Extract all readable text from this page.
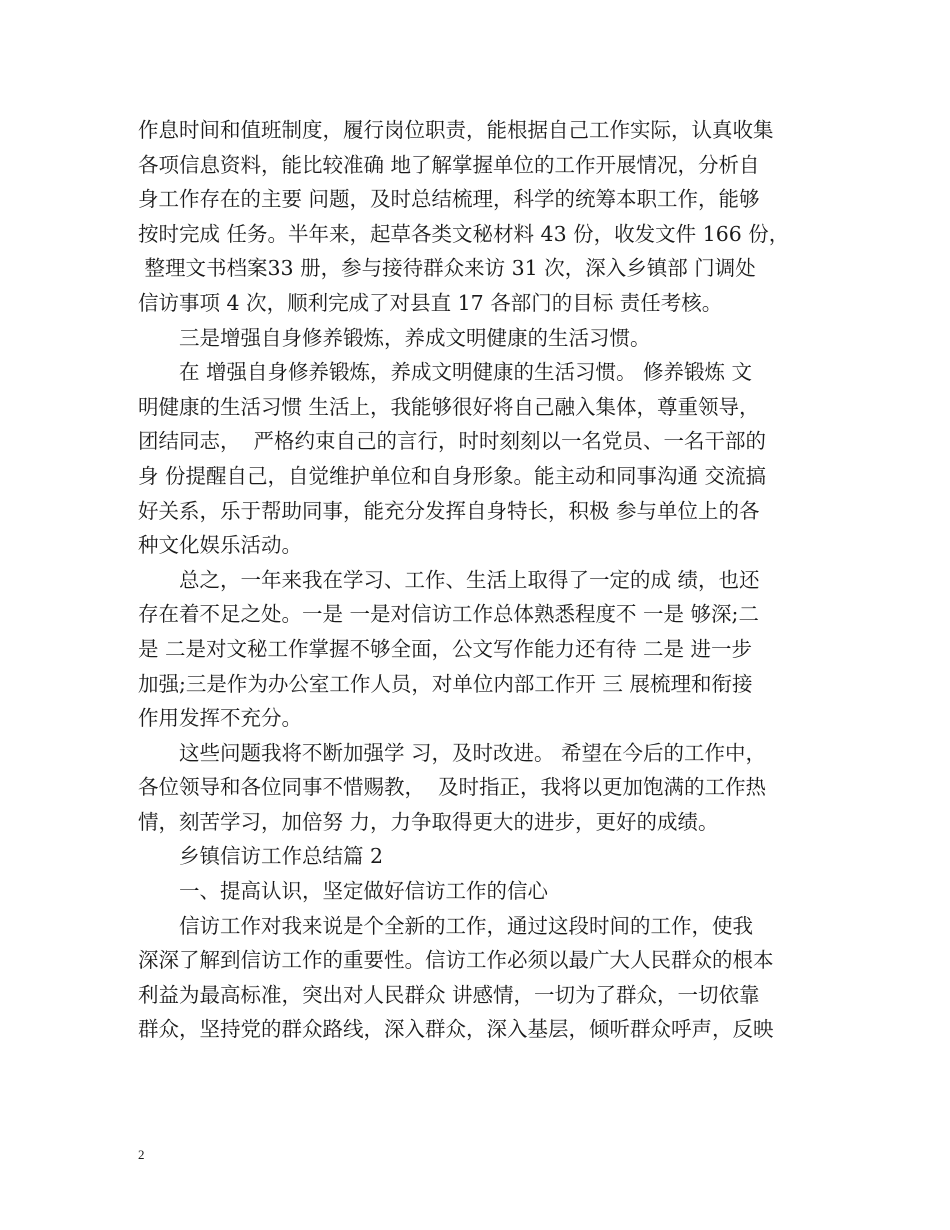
作息时间和值班制度，履行岗位职责，能根据自己工作实际，认真收集
各项信息资料，能比较准确 地了解掌握单位的工作开展情况，分析自
身工作存在的主要 问题，及时总结梳理，科学的统筹本职工作，能够
按时完成 任务。半年来，起草各类文秘材料 43 份，收发文件 166 份，
整理文书档案33 册，参与接待群众来访 31 次，深入乡镇部 门调处
信访事项 4 次，顺利完成了对县直 17 各部门的目标 责任考核。
三是增强自身修养锻炼，养成文明健康的生活习惯。
在 增强自身修养锻炼，养成文明健康的生活习惯。 修养锻炼 文
明健康的生活习惯 生活上，我能够很好将自己融入集体，尊重领导，
团结同志，  严格约束自己的言行，时时刻刻以一名党员、一名干部的
身 份提醒自己，自觉维护单位和自身形象。能主动和同事沟通 交流搞
好关系，乐于帮助同事，能充分发挥自身特长，积极 参与单位上的各
种文化娱乐活动。
总之，一年来我在学习、工作、生活上取得了一定的成 绩，也还
存在着不足之处。一是 一是对信访工作总体熟悉程度不 一是 够深;二
是 二是对文秘工作掌握不够全面，公文写作能力还有待 二是 进一步
加强;三是作为办公室工作人员，对单位内部工作开 三 展梳理和衔接
作用发挥不充分。
这些问题我将不断加强学 习，及时改进。 希望在今后的工作中，
各位领导和各位同事不惜赐教，  及时指正，我将以更加饱满的工作热
情，刻苦学习，加倍努 力，力争取得更大的进步，更好的成绩。
乡镇信访工作总结篇 2
一、提高认识，坚定做好信访工作的信心
信访工作对我来说是个全新的工作，通过这段时间的工作，使我
深深了解到信访工作的重要性。信访工作必须以最广大人民群众的根本
利益为最高标准，突出对人民群众 讲感情，一切为了群众，一切依靠
群众，坚持党的群众路线，深入群众，深入基层，倾听群众呼声，反映
2
